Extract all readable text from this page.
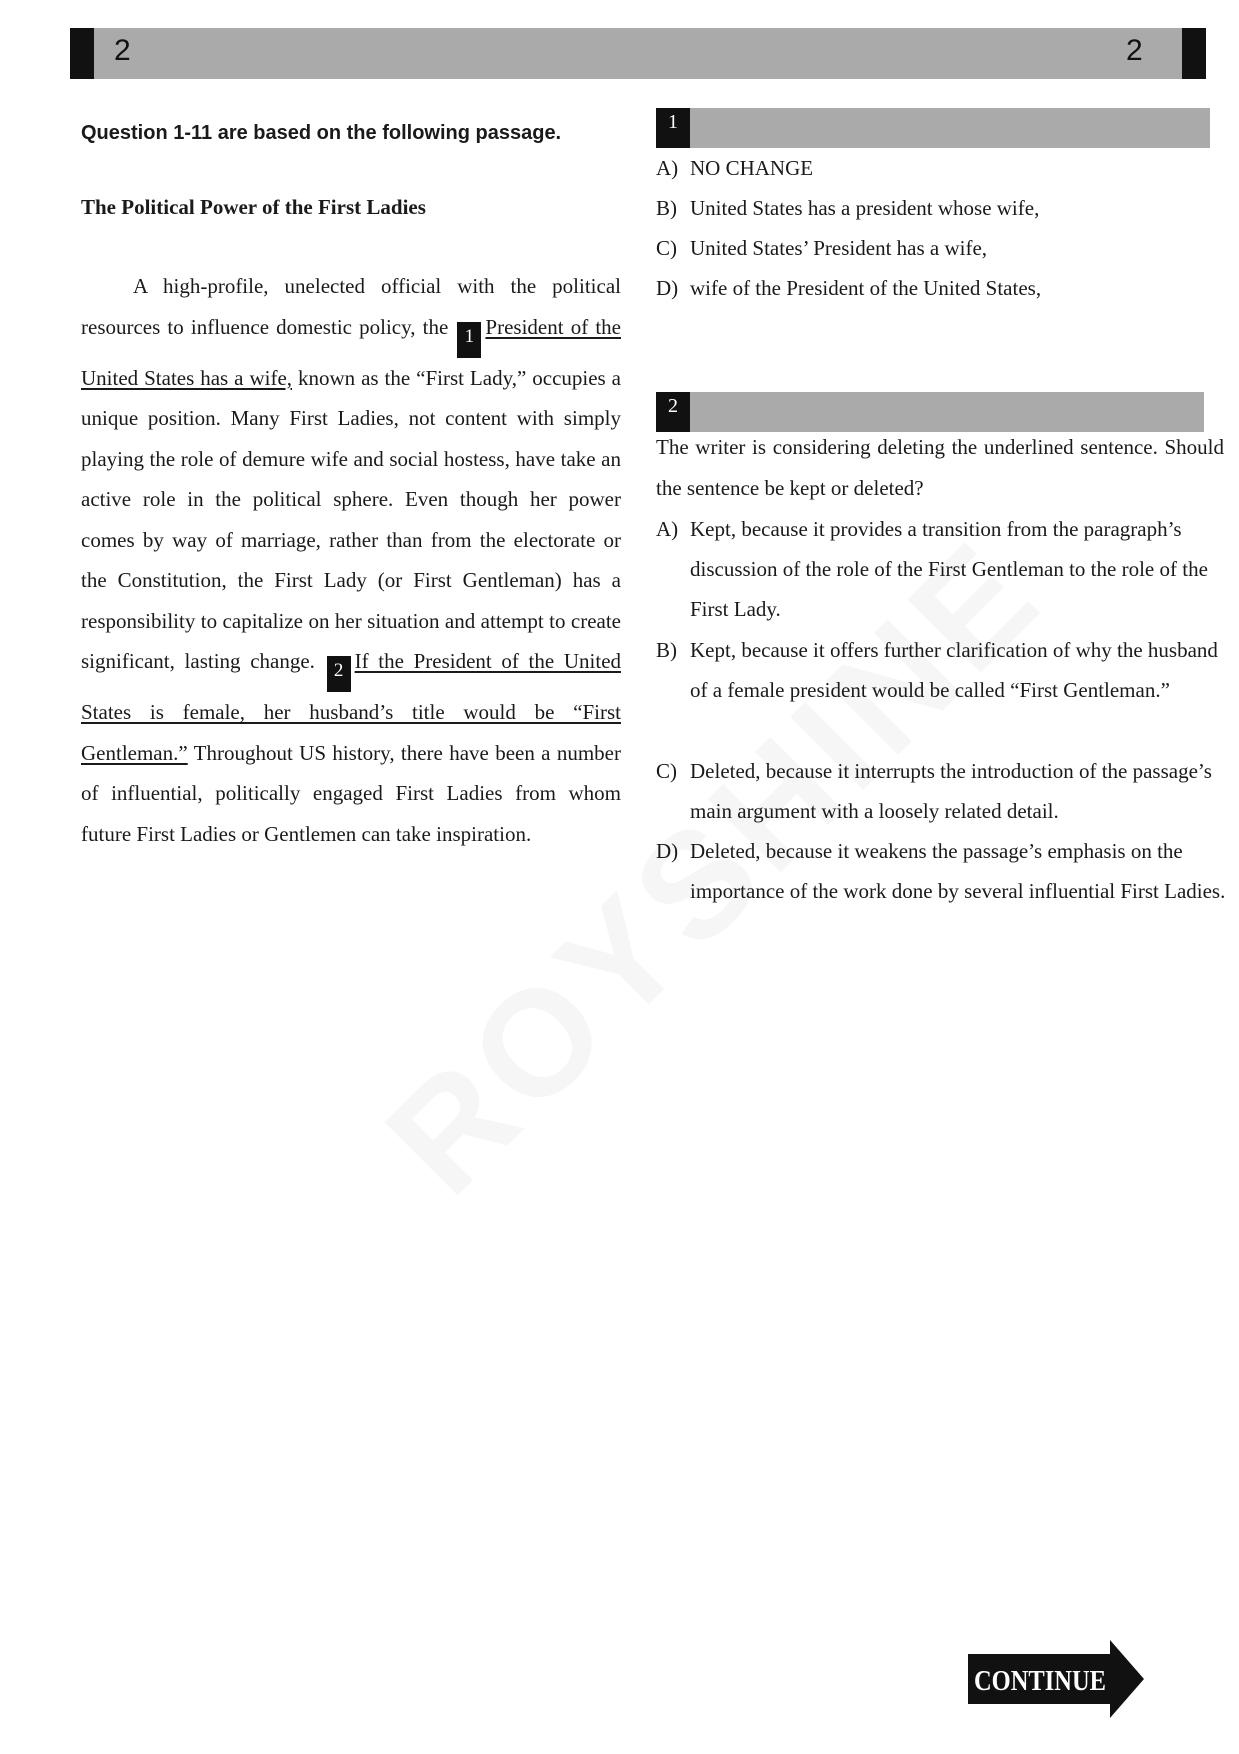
2	2

Question 1-11 are based on the following passage.

The Political Power of the First Ladies

A high-profile, unelected official with the political resources to influence domestic policy, the 1 President of the United States has a wife, known as the “First Lady,” occupies a unique position. Many First Ladies, not content with simply playing the role of demure wife and social hostess, have take an active role in the political sphere. Even though her power comes by way of marriage, rather than from the electorate or the Constitution, the First Lady (or First Gentleman) has a responsibility to capitalize on her situation and attempt to create significant, lasting change. 2 If the President of the United States is female, her husband’s title would be “First Gentleman.” Throughout US history, there have been a number of influential, politically engaged First Ladies from whom future First Ladies or Gentlemen can take inspiration.

1
A) NO CHANGE
B) United States has a president whose wife,
C) United States’ President has a wife,
D) wife of the President of the United States,
2
The writer is considering deleting the underlined sentence. Should the sentence be kept or deleted?
A) Kept, because it provides a transition from the paragraph’s discussion of the role of the First Gentleman to the role of the First Lady.
B) Kept, because it offers further clarification of why the husband of a female president would be called “First Gentleman.”
C) Deleted, because it interrupts the introduction of the passage’s main argument with a loosely related detail.
D) Deleted, because it weakens the passage’s emphasis on the importance of the work done by several influential First Ladies.
CONTINUE
